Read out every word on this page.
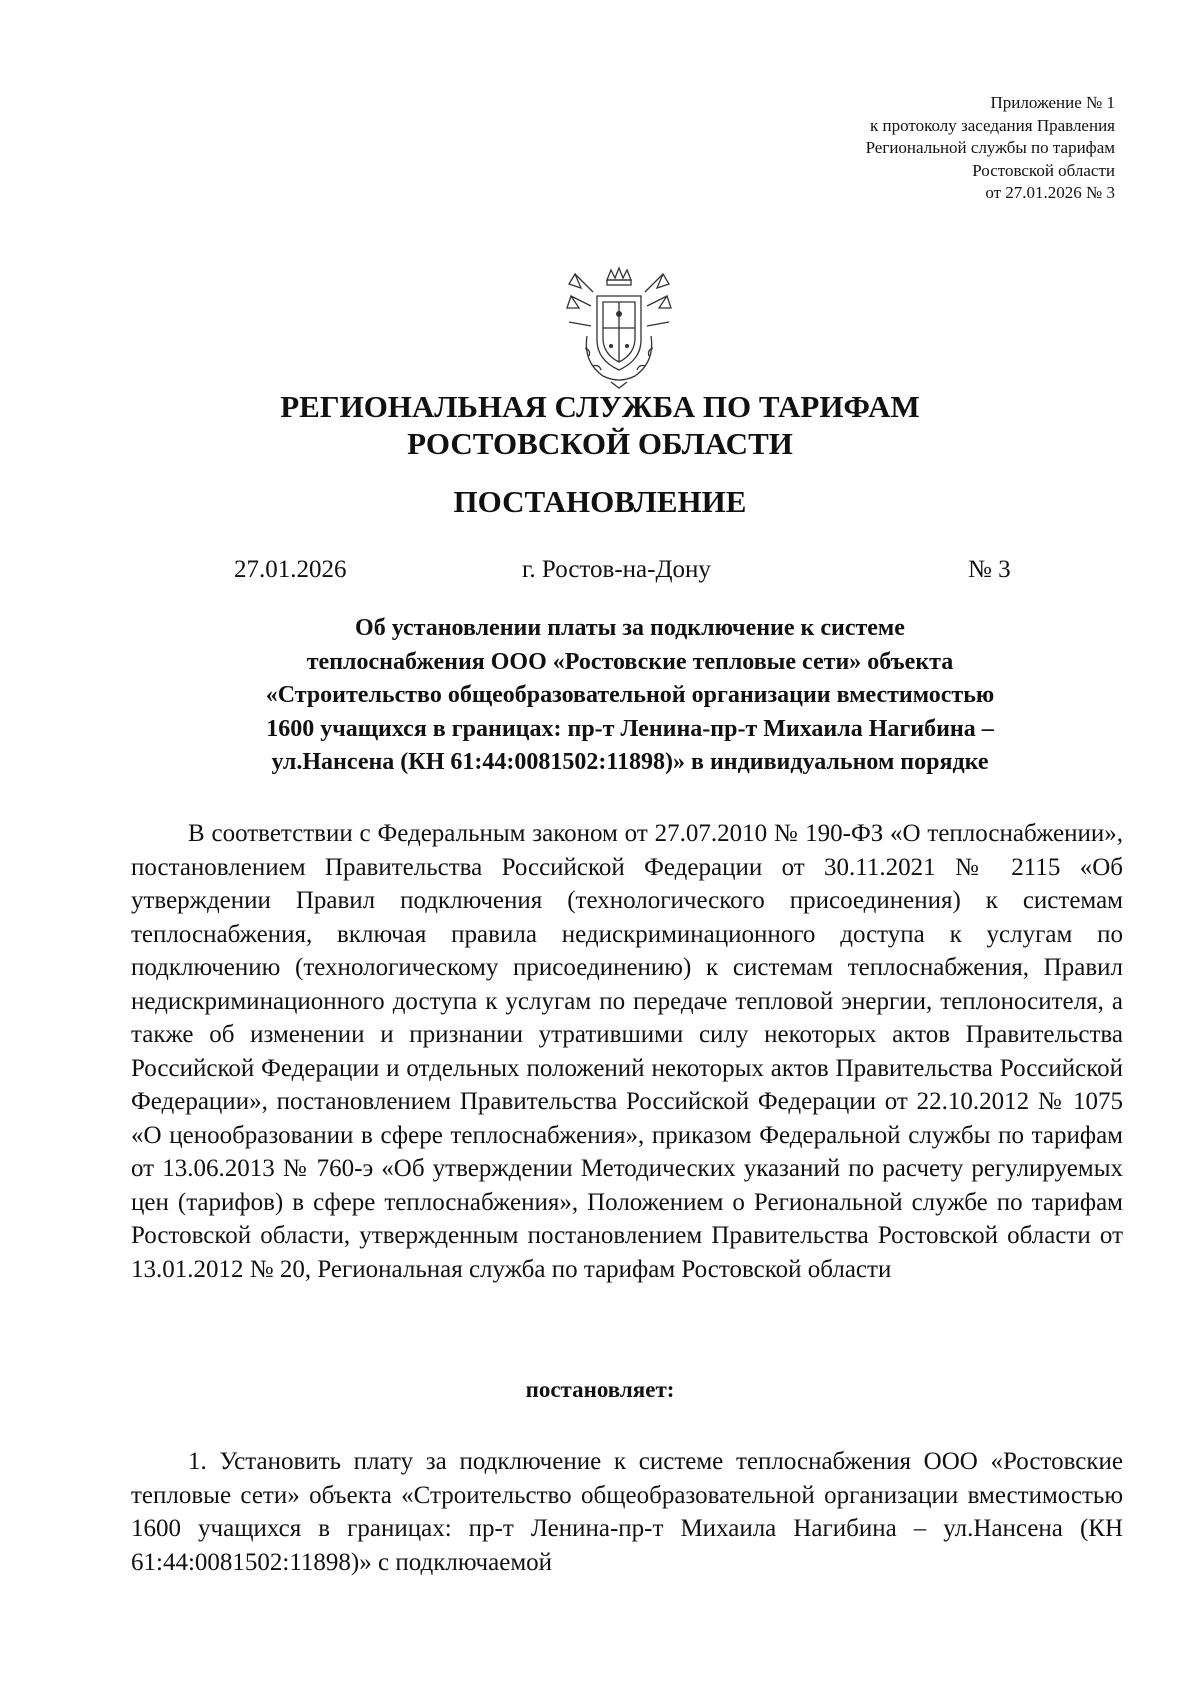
Приложение № 1
к протоколу заседания Правления
Региональной службы по тарифам
Ростовской области
от 27.01.2026 № 3
РЕГИОНАЛЬНАЯ СЛУЖБА ПО ТАРИФАМ
РОСТОВСКОЙ ОБЛАСТИ
ПОСТАНОВЛЕНИЕ
27.01.2026	г. Ростов-на-Дону	№ 3
Об установлении платы за подключение к системе
теплоснабжения ООО «Ростовские тепловые сети» объекта
«Строительство общеобразовательной организации вместимостью
1600 учащихся в границах: пр-т Ленина-пр-т Михаила Нагибина –
ул.Нансена (КН 61:44:0081502:11898)» в индивидуальном порядке
В соответствии с Федеральным законом от 27.07.2010 № 190-ФЗ «О теплоснабжении», постановлением Правительства Российской Федерации от 30.11.2021 № 2115 «Об утверждении Правил подключения (технологического присоединения) к системам теплоснабжения, включая правила недискриминационного доступа к услугам по подключению (технологическому присоединению) к системам теплоснабжения, Правил недискриминационного доступа к услугам по передаче тепловой энергии, теплоносителя, а также об изменении и признании утратившими силу некоторых актов Правительства Российской Федерации и отдельных положений некоторых актов Правительства Российской Федерации», постановлением Правительства Российской Федерации от 22.10.2012 № 1075 «О ценообразовании в сфере теплоснабжения», приказом Федеральной службы по тарифам от 13.06.2013 № 760-э «Об утверждении Методических указаний по расчету регулируемых цен (тарифов) в сфере теплоснабжения», Положением о Региональной службе по тарифам Ростовской области, утвержденным постановлением Правительства Ростовской области от 13.01.2012 № 20, Региональная служба по тарифам Ростовской области
постановляет:
1. Установить плату за подключение к системе теплоснабжения ООО «Ростовские тепловые сети» объекта «Строительство общеобразовательной организации вместимостью 1600 учащихся в границах: пр-т Ленина-пр-т Михаила Нагибина – ул.Нансена (КН 61:44:0081502:11898)» с подключаемой
